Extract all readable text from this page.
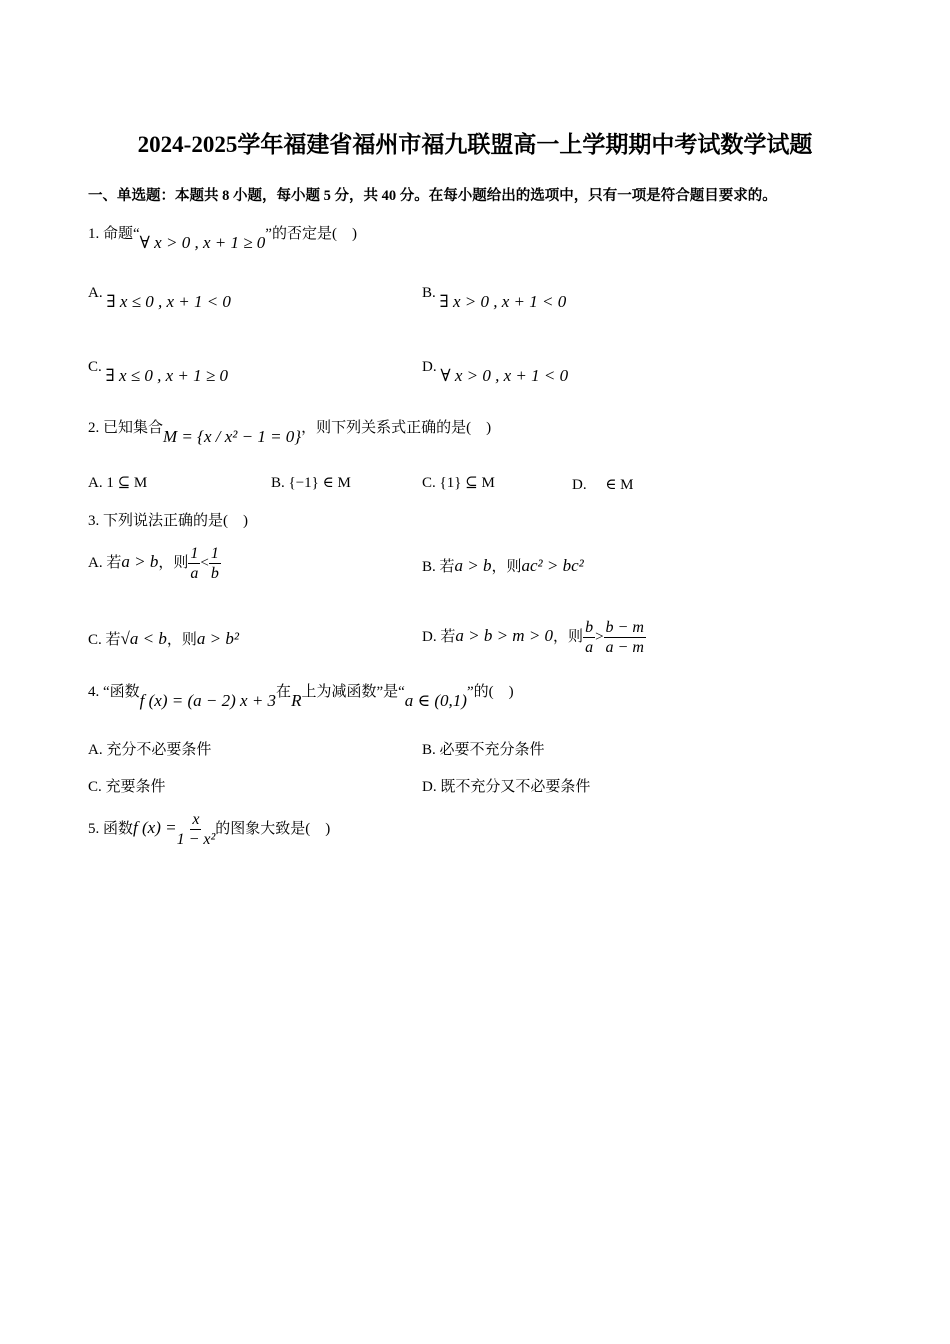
2024-2025学年福建省福州市福九联盟高一上学期期中考试数学试题
一、单选题：本题共 8 小题，每小题 5 分，共 40 分。在每小题给出的选项中，只有一项是符合题目要求的。
1. 命题“∀ x > 0 , x + 1 ≥ 0”的否定是(　)
A. ∃ x ≤ 0 , x + 1 < 0	B. ∃ x > 0 , x + 1 < 0
C. ∃ x ≤ 0 , x + 1 ≥ 0	D. ∀ x > 0 , x + 1 < 0
2. 已知集合M = {x / x² − 1 = 0}，则下列关系式正确的是(　)
A. 1 ⊆ M	B. {−1} ∈ M	C. {1} ⊆ M	D.　 ∈ M
3. 下列说法正确的是(　)
A. 若a > b，则 $\frac{1}{a} < \frac{1}{b}$	B. 若a > b，则ac² > bc²
C. 若√a < b，则a > b²	D. 若a > b > m > 0，则 $\frac{b}{a} > \frac{b - m}{a - m}$
4. “函数f (x) = (a − 2) x + 3在R上为减函数”是“a ∈ (0,1)”的(　)
A. 充分不必要条件	B. 必要不充分条件
C. 充要条件	D. 既不充分又不必要条件
5. 函数f $(x) = \frac{x}{\text{1 − x²}}$ 的图象大致是(　)
